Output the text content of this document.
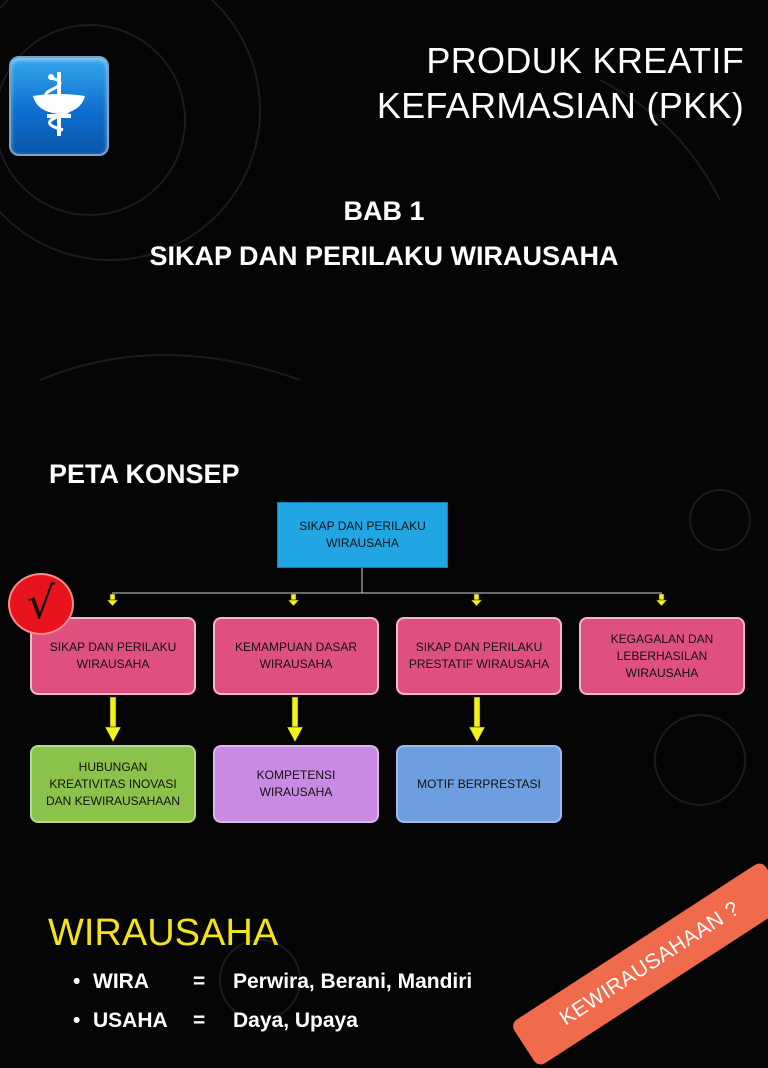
PRODUK KREATIF
KEFARMASIAN (PKK)
BAB 1
SIKAP DAN PERILAKU WIRAUSAHA
PETA KONSEP
SIKAP DAN PERILAKU WIRAUSAHA
SIKAP DAN PERILAKU WIRAUSAHA
KEMAMPUAN DASAR WIRAUSAHA
SIKAP DAN PERILAKU PRESTATIF WIRAUSAHA
KEGAGALAN DAN LEBERHASILAN WIRAUSAHA
HUBUNGAN KREATIVITAS INOVASI DAN KEWIRAUSAHAAN
KOMPETENSI WIRAUSAHA
MOTIF BERPRESTASI
√
WIRAUSAHA
• WIRA = Perwira, Berani, Mandiri
• USAHA = Daya, Upaya	KEWIRAUSAHAAN ?
